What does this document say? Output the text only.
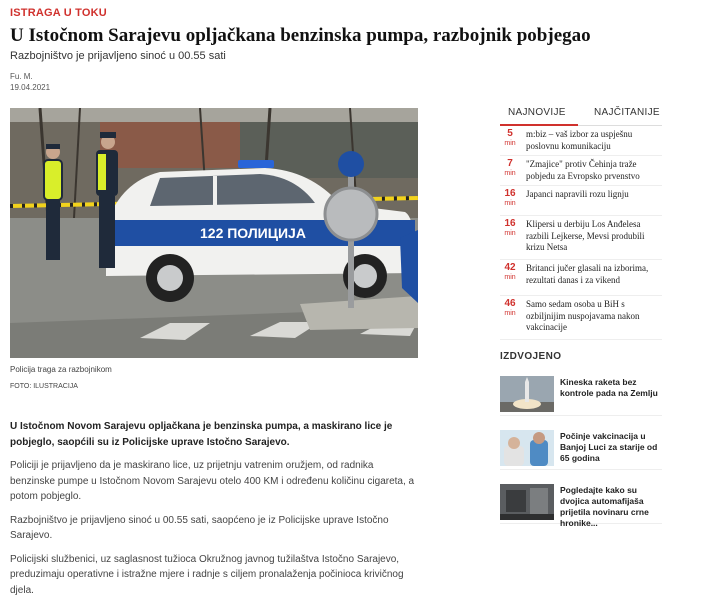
ISTRAGA U TOKU
U Istočnom Sarajevu opljačkana benzinska pumpa, razbojnik pobjegao
Razbojništvo je prijavljeno sinoć u 00.55 sati
Fu. M.
19.04.2021
122 ПОЛИЦИЈА
Policija traga za razbojnikom
FOTO: ILUSTRACIJA

U Istočnom Novom Sarajevu opljačkana je benzinska pumpa, a maskirano lice je pobjeglo, saopćili su iz Policijske uprave Istočno Sarajevo.

Policiji je prijavljeno da je maskirano lice, uz prijetnju vatrenim oružjem, od radnika benzinske pumpe u Istočnom Novom Sarajevu otelo 400 KM i određenu količinu cigareta, a potom pobjeglo.

Razbojništvo je prijavljeno sinoć u 00.55 sati, saopćeno je iz Policijske uprave Istočno Sarajevo.

Policijski službenici, uz saglasnost tužioca Okružnog javnog tužilaštva Istočno Sarajevo, preduzimaju operativne i istražne mjere i radnje s ciljem pronalaženja počinioca krivičnog djela.

NAJNOVIJE	NAJČITANIJE
5
min
m:biz – vaš izbor za uspješnu poslovnu komunikaciju
7
min
"Zmajice" protiv Čehinja traže pobjedu za Evropsko prvenstvo
16
min
Japanci napravili rozu lignju
16
min
Klipersi u derbiju Los Anđelesa razbili Lejkerse, Mevsi produbili krizu Netsa
42
min
Britanci jučer glasali na izborima, rezultati danas i za vikend
46
min
Samo sedam osoba u BiH s ozbiljnijim nuspojavama nakon vakcinacije
IZDVOJENO
Kineska raketa bez kontrole pada na Zemlju
Počinje vakcinacija u Banjoj Luci za starije od 65 godina
Pogledajte kako su dvojica automafijaša prijetila novinaru crne hronike...
